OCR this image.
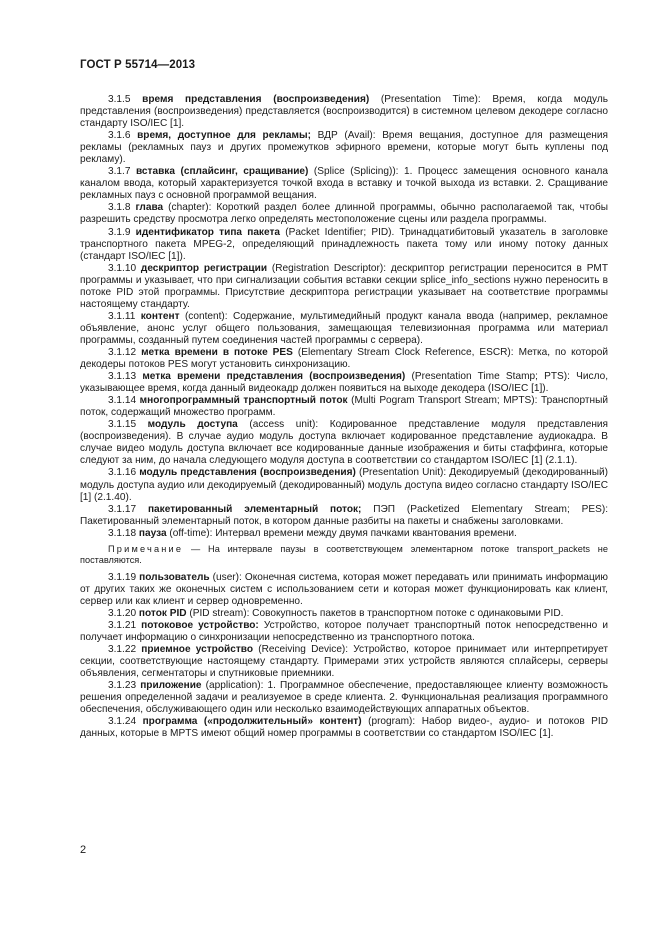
ГОСТ Р 55714—2013

3.1.5 время представления (воспроизведения) (Presentation Time): Время, когда модуль представления (воспроизведения) представляется (воспроизводится) в системном целевом декодере согласно стандарту ISO/IEC [1].

3.1.6 время, доступное для рекламы; ВДР (Avail): Время вещания, доступное для размещения рекламы (рекламных пауз и других промежутков эфирного времени, которые могут быть куплены под рекламу).

3.1.7 вставка (сплайсинг, сращивание) (Splice (Splicing)): 1. Процесс замещения основного канала каналом ввода, который характеризуется точкой входа в вставку и точкой выхода из вставки. 2. Сращивание рекламных пауз с основной программой вещания.

3.1.8 глава (chapter): Короткий раздел более длинной программы, обычно располагаемой так, чтобы разрешить средству просмотра легко определять местоположение сцены или раздела программы.

3.1.9 идентификатор типа пакета (Packet Identifier; PID). Тринадцатибитовый указатель в заголовке транспортного пакета MPEG-2, определяющий принадлежность пакета тому или иному потоку данных (стандарт ISO/IEC [1]).

3.1.10 дескриптор регистрации (Registration Descriptor): дескриптор регистрации переносится в PMT программы и указывает, что при сигнализации события вставки секции splice_info_sections нужно переносить в потоке PID этой программы. Присутствие дескриптора регистрации указывает на соответствие программы настоящему стандарту.

3.1.11 контент (content): Содержание, мультимедийный продукт канала ввода (например, рекламное объявление, анонс услуг общего пользования, замещающая телевизионная программа или материал программы, созданный путем соединения частей программы с сервера).

3.1.12 метка времени в потоке PES (Elementary Stream Clock Reference, ESCR): Метка, по которой декодеры потоков PES могут установить синхронизацию.

3.1.13 метка времени представления (воспроизведения) (Presentation Time Stamp; PTS): Число, указывающее время, когда данный видеокадр должен появиться на выходе декодера (ISO/IEC [1]).

3.1.14 многопрограммный транспортный поток (Multi Pogram Transport Stream; MPTS): Транспортный поток, содержащий множество программ.

3.1.15 модуль доступа (access unit): Кодированное представление модуля представления (воспроизведения). В случае аудио модуль доступа включает кодированное представление аудиокадра. В случае видео модуль доступа включает все кодированные данные изображения и биты стаффинга, которые следуют за ним, до начала следующего модуля доступа в соответствии со стандартом ISO/IEC [1] (2.1.1).

3.1.16 модуль представления (воспроизведения) (Presentation Unit): Декодируемый (декодированный) модуль доступа аудио или декодируемый (декодированный) модуль доступа видео согласно стандарту ISO/IEC [1] (2.1.40).

3.1.17 пакетированный элементарный поток; ПЭП (Packetized Elementary Stream; PES): Пакетированный элементарный поток, в котором данные разбиты на пакеты и снабжены заголовками.

3.1.18 пауза (off-time): Интервал времени между двумя пачками квантования времени.

Примечание — На интервале паузы в соответствующем элементарном потоке transport_packets не поставляются.

3.1.19 пользователь (user): Оконечная система, которая может передавать или принимать информацию от других таких же оконечных систем с использованием сети и которая может функционировать как клиент, сервер или как клиент и сервер одновременно.

3.1.20 поток PID (PID stream): Совокупность пакетов в транспортном потоке с одинаковыми PID.

3.1.21 потоковое устройство: Устройство, которое получает транспортный поток непосредственно и получает информацию о синхронизации непосредственно из транспортного потока.

3.1.22 приемное устройство (Receiving Device): Устройство, которое принимает или интерпретирует секции, соответствующие настоящему стандарту. Примерами этих устройств являются сплайсеры, серверы объявления, сегментаторы и спутниковые приемники.

3.1.23 приложение (application): 1. Программное обеспечение, предоставляющее клиенту возможность решения определенной задачи и реализуемое в среде клиента. 2. Функциональная реализация программного обеспечения, обслуживающего один или несколько взаимодействующих аппаратных объектов.

3.1.24 программа («продолжительный» контент) (program): Набор видео-, аудио- и потоков PID данных, которые в MPTS имеют общий номер программы в соответствии со стандартом ISO/IEC [1].

2
